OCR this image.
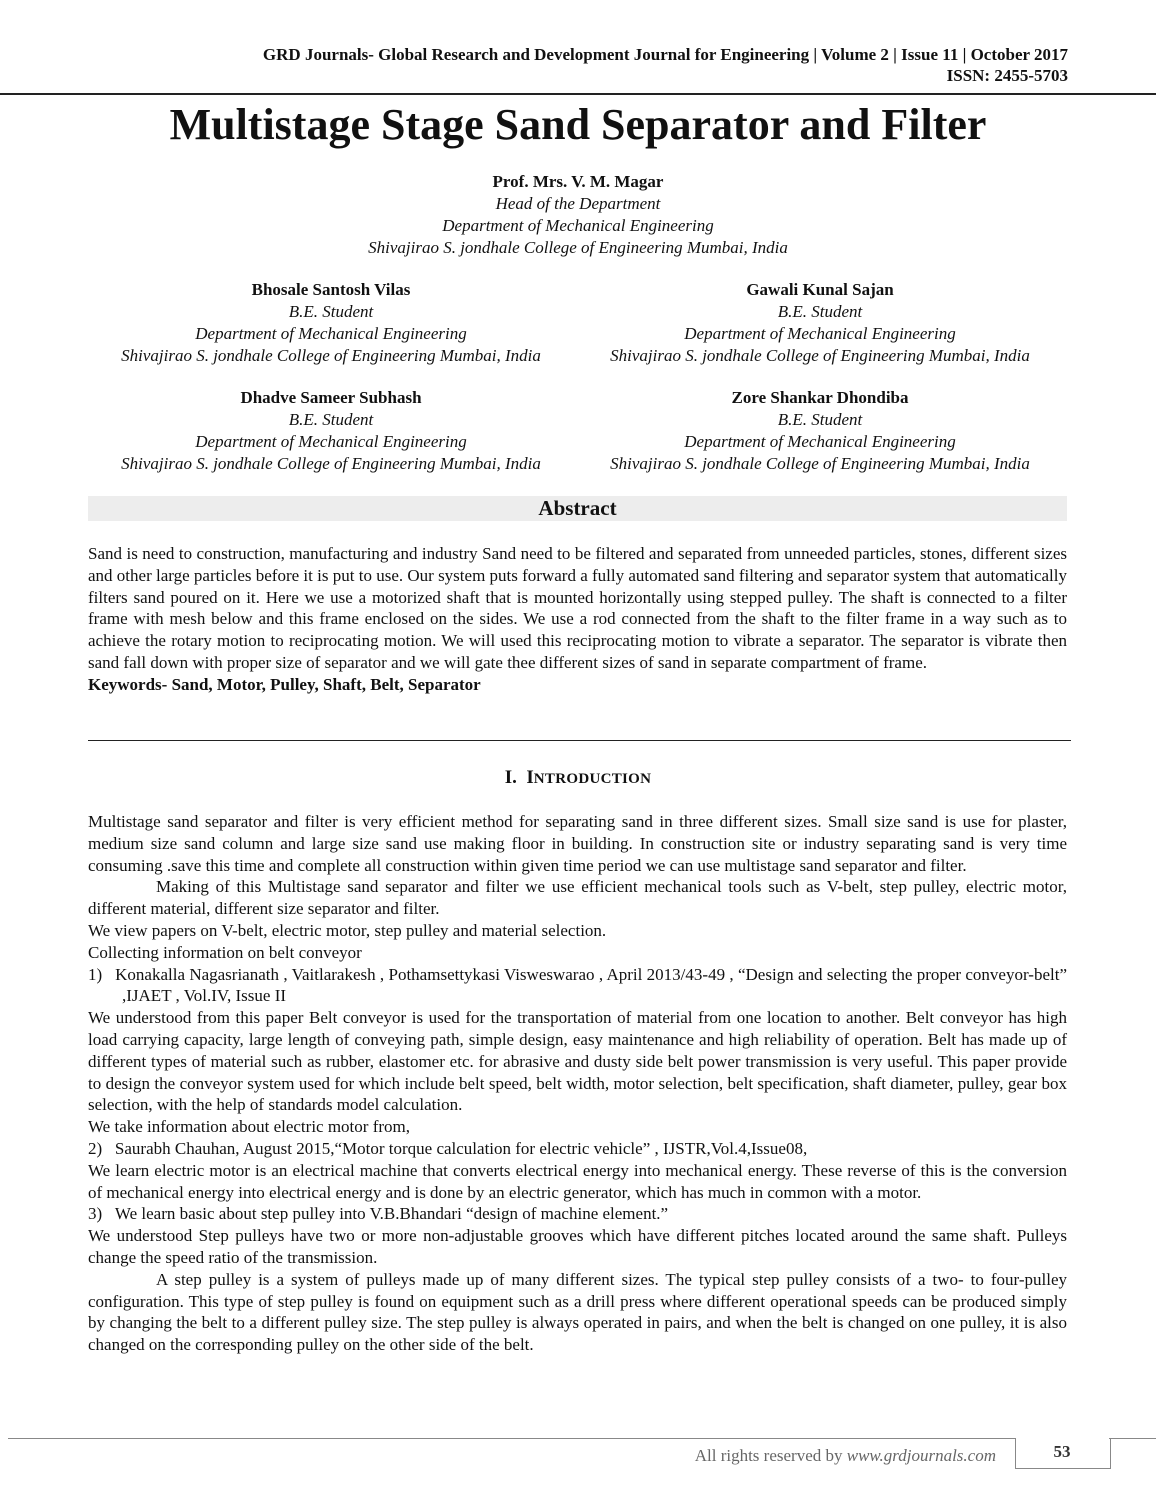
GRD Journals- Global Research and Development Journal for Engineering | Volume 2 | Issue 11 | October 2017
ISSN: 2455-5703
Multistage Stage Sand Separator and Filter
Prof. Mrs. V. M. Magar
Head of the Department
Department of Mechanical Engineering
Shivajirao S. jondhale College of Engineering Mumbai, India
Bhosale Santosh Vilas
B.E. Student
Department of Mechanical Engineering
Shivajirao S. jondhale College of Engineering Mumbai, India
Gawali Kunal Sajan
B.E. Student
Department of Mechanical Engineering
Shivajirao S. jondhale College of Engineering Mumbai, India
Dhadve Sameer Subhash
B.E. Student
Department of Mechanical Engineering
Shivajirao S. jondhale College of Engineering Mumbai, India
Zore Shankar Dhondiba
B.E. Student
Department of Mechanical Engineering
Shivajirao S. jondhale College of Engineering Mumbai, India
Abstract

Sand is need to construction, manufacturing and industry Sand need to be filtered and separated from unneeded particles, stones, different sizes and other large particles before it is put to use. Our system puts forward a fully automated sand filtering and separator system that automatically filters sand poured on it. Here we use a motorized shaft that is mounted horizontally using stepped pulley. The shaft is connected to a filter frame with mesh below and this frame enclosed on the sides. We use a rod connected from the shaft to the filter frame in a way such as to achieve the rotary motion to reciprocating motion. We will used this reciprocating motion to vibrate a separator. The separator is vibrate then sand fall down with proper size of separator and we will gate thee different sizes of sand in separate compartment of frame.

Keywords- Sand, Motor, Pulley, Shaft, Belt, Separator

I. INTRODUCTION

Multistage sand separator and filter is very efficient method for separating sand in three different sizes. Small size sand is use for plaster, medium size sand column and large size sand use making floor in building. In construction site or industry separating sand is very time consuming .save this time and complete all construction within given time period we can use multistage sand separator and filter.

Making of this Multistage sand separator and filter we use efficient mechanical tools such as V-belt, step pulley, electric motor, different material, different size separator and filter.

We view papers on V-belt, electric motor, step pulley and material selection.

Collecting information on belt conveyor

1)   Konakalla Nagasrianath , Vaitlarakesh , Pothamsettykasi Visweswarao , April 2013/43-49 , “Design and selecting the proper conveyor-belt” ,IJAET , Vol.IV, Issue II

We understood from this paper Belt conveyor is used for the transportation of material from one location to another. Belt conveyor has high load carrying capacity, large length of conveying path, simple design, easy maintenance and high reliability of operation. Belt has made up of different types of material such as rubber, elastomer etc. for abrasive and dusty side belt power transmission is very useful. This paper provide to design the conveyor system used for which include belt speed, belt width, motor selection, belt specification, shaft diameter, pulley, gear box selection, with the help of standards model calculation.

We take information about electric motor from,

2)   Saurabh Chauhan, August 2015,“Motor torque calculation for electric vehicle” , IJSTR,Vol.4,Issue08,

We learn electric motor is an electrical machine that converts electrical energy into mechanical energy. These reverse of this is the conversion of mechanical energy into electrical energy and is done by an electric generator, which has much in common with a motor.

3)   We learn basic about step pulley into V.B.Bhandari “design of machine element.”

We understood Step pulleys have two or more non-adjustable grooves which have different pitches located around the same shaft. Pulleys change the speed ratio of the transmission.

A step pulley is a system of pulleys made up of many different sizes. The typical step pulley consists of a two- to four-pulley configuration. This type of step pulley is found on equipment such as a drill press where different operational speeds can be produced simply by changing the belt to a different pulley size. The step pulley is always operated in pairs, and when the belt is changed on one pulley, it is also changed on the corresponding pulley on the other side of the belt.

All rights reserved by www.grdjournals.com	53
